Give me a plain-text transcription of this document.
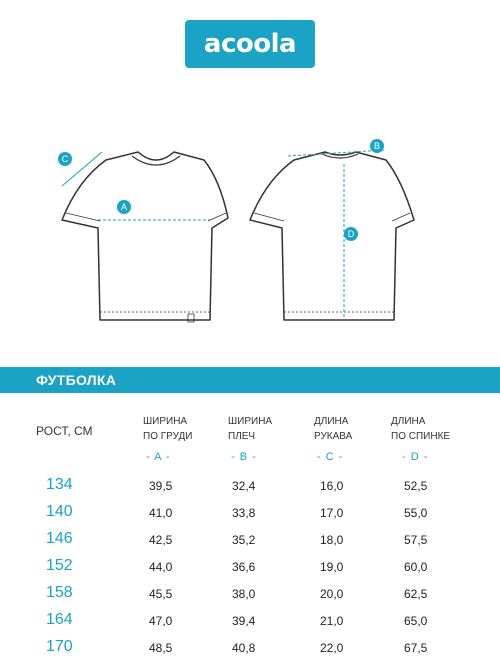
acoola
A
B
C
D
ФУТБОЛКА
РОСТ, СМ
ШИРИНА
ПО ГРУДИ
ШИРИНА
ПЛЕЧ
ДЛИНА
РУКАВА
ДЛИНА
ПО СПИНКЕ
- A -	- B -	- C -	- D -
134	39,5	32,4	16,0	52,5
140	41,0	33,8	17,0	55,0
146	42,5	35,2	18,0	57,5
152	44,0	36,6	19,0	60,0
158	45,5	38,0	20,0	62,5
164	47,0	39,4	21,0	65,0
170	48,5	40,8	22,0	67,5
